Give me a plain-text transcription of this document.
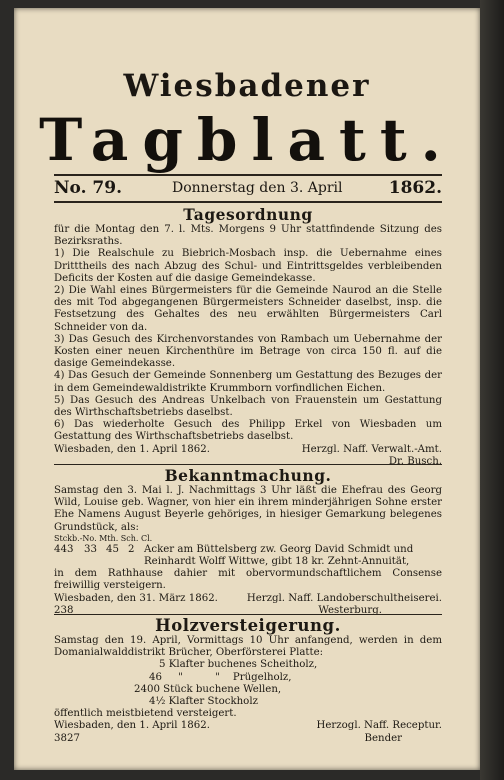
Wiesbadener
Tagblatt.
No. 79.	Donnerstag den 3. April	1862.
Tagesordnung

für die Montag den 7. l. Mts. Morgens 9 Uhr stattfindende Sitzung des Bezirksraths.

1) Die Realschule zu Biebrich-Mosbach insp. die Uebernahme eines Dritttheils des nach Abzug des Schul- und Eintrittsgeldes verbleibenden Deficits der Kosten auf die dasige Gemeindekasse.

2) Die Wahl eines Bürgermeisters für die Gemeinde Naurod an die Stelle des mit Tod abgegangenen Bürgermeisters Schneider daselbst, insp. die Festsetzung des Gehaltes des neu erwählten Bürgermeisters Carl Schneider von da.

3) Das Gesuch des Kirchenvorstandes von Rambach um Uebernahme der Kosten einer neuen Kirchenthüre im Betrage von circa 150 fl. auf die dasige Gemeindekasse.

4) Das Gesuch der Gemeinde Sonnenberg um Gestattung des Bezuges der in dem Gemeindewaldistrikte Krummborn vorfindlichen Eichen.

5) Das Gesuch des Andreas Unkelbach von Frauenstein um Gestattung des Wirthschaftsbetriebs daselbst.

6) Das wiederholte Gesuch des Philipp Erkel von Wiesbaden um Gestattung des Wirthschaftsbetriebs daselbst.

Wiesbaden, den 1. April 1862.	Herzgl. Naff. Verwalt.-Amt.
Dr. Busch.
Bekanntmachung.

Samstag den 3. Mai l. J. Nachmittags 3 Uhr läßt die Ehefrau des Georg Wild, Louise geb. Wagner, von hier ein ihrem minderjährigen Sohne erster Ehe Namens August Beyerle gehöriges, in hiesiger Gemarkung belegenes Grundstück, als:

Stckb.-No. Mth. Sch. Cl.
443	33 45 2 Acker am Büttelsberg zw. Georg David Schmidt und
Reinhardt Wolff Wittwe, gibt 18 kr. Zehnt-Annuität,

in dem Rathhause dahier mit obervormundschaftlichem Consense freiwillig versteigern.

Wiesbaden, den 31. März 1862.	Herzgl. Naff. Landoberschultheiserei.
238	Westerburg.
Holzversteigerung.

Samstag den 19. April, Vormittags 10 Uhr anfangend, werden in dem Domanialwalddistrikt Brücher, Oberförsterei Platte:

5 Klafter buchenes Scheitholz,
46     "          "    Prügelholz,
2400 Stück buchene Wellen,
4½ Klafter Stockholz

öffentlich meistbietend versteigert.

Wiesbaden, den 1. April 1862.	Herzogl. Naff. Receptur.
3827	Bender
